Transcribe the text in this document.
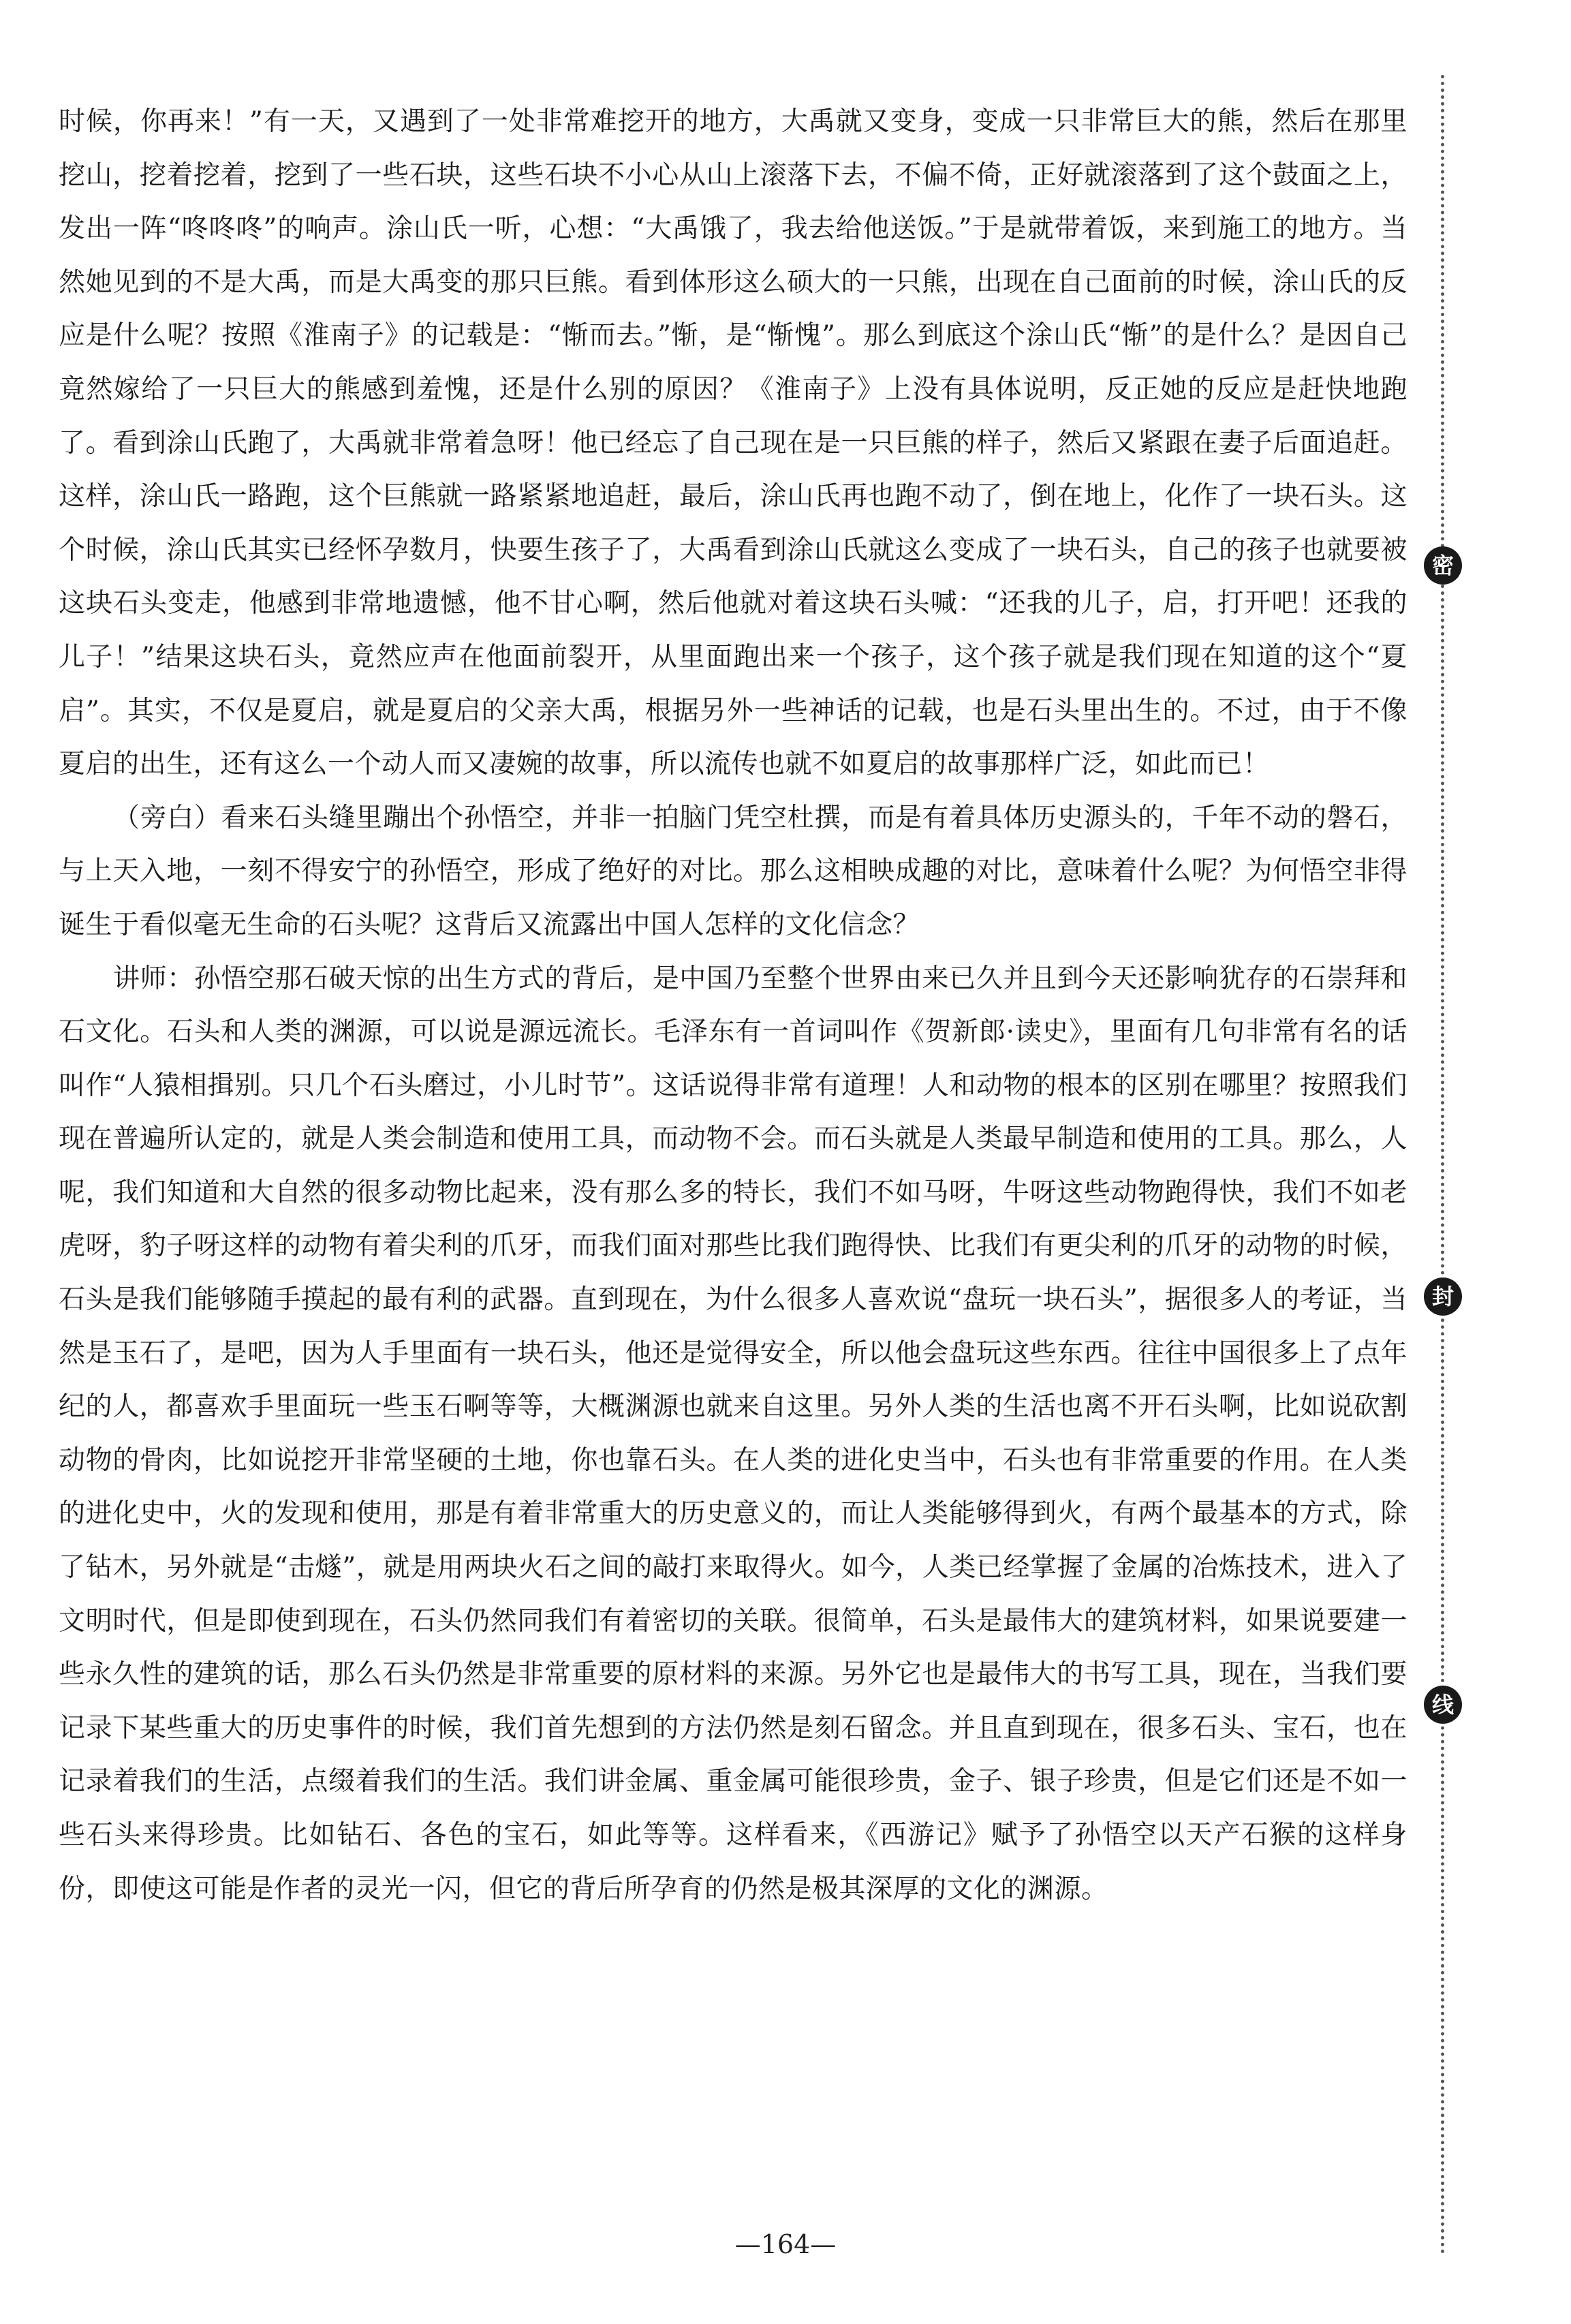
时候，你再来！”有一天，又遇到了一处非常难挖开的地方，大禹就又变身，变成一只非常巨大的熊，然后在那里挖山，挖着挖着，挖到了一些石块，这些石块不小心从山上滚落下去，不偏不倚，正好就滚落到了这个鼓面之上，发出一阵“咚咚咚”的响声。涂山氏一听，心想：“大禹饿了，我去给他送饭。”于是就带着饭，来到施工的地方。当然她见到的不是大禹，而是大禹变的那只巨熊。看到体形这么硕大的一只熊，出现在自己面前的时候，涂山氏的反应是什么呢？按照《淮南子》的记载是：“惭而去。”惭，是“惭愧”。那么到底这个涂山氏“惭”的是什么？是因自己竟然嫁给了一只巨大的熊感到羞愧，还是什么别的原因？《淮南子》上没有具体说明，反正她的反应是赶快地跑了。看到涂山氏跑了，大禹就非常着急呀！他已经忘了自己现在是一只巨熊的样子，然后又紧跟在妻子后面追赶。这样，涂山氏一路跑，这个巨熊就一路紧紧地追赶，最后，涂山氏再也跑不动了，倒在地上，化作了一块石头。这个时候，涂山氏其实已经怀孕数月，快要生孩子了，大禹看到涂山氏就这么变成了一块石头，自己的孩子也就要被这块石头变走，他感到非常地遗憾，他不甘心啊，然后他就对着这块石头喊：“还我的儿子，启，打开吧！还我的儿子！”结果这块石头，竟然应声在他面前裂开，从里面跑出来一个孩子，这个孩子就是我们现在知道的这个“夏启”。其实，不仅是夏启，就是夏启的父亲大禹，根据另外一些神话的记载，也是石头里出生的。不过，由于不像夏启的出生，还有这么一个动人而又凄婉的故事，所以流传也就不如夏启的故事那样广泛，如此而已！

（旁白）看来石头缝里蹦出个孙悟空，并非一拍脑门凭空杜撰，而是有着具体历史源头的，千年不动的磐石，与上天入地，一刻不得安宁的孙悟空，形成了绝好的对比。那么这相映成趣的对比，意味着什么呢？为何悟空非得诞生于看似毫无生命的石头呢？这背后又流露出中国人怎样的文化信念？

讲师：孙悟空那石破天惊的出生方式的背后，是中国乃至整个世界由来已久并且到今天还影响犹存的石崇拜和石文化。石头和人类的渊源，可以说是源远流长。毛泽东有一首词叫作《贺新郎·读史》，里面有几句非常有名的话叫作“人猿相揖别。只几个石头磨过，小儿时节”。这话说得非常有道理！人和动物的根本的区别在哪里？按照我们现在普遍所认定的，就是人类会制造和使用工具，而动物不会。而石头就是人类最早制造和使用的工具。那么，人呢，我们知道和大自然的很多动物比起来，没有那么多的特长，我们不如马呀，牛呀这些动物跑得快，我们不如老虎呀，豹子呀这样的动物有着尖利的爪牙，而我们面对那些比我们跑得快、比我们有更尖利的爪牙的动物的时候，石头是我们能够随手摸起的最有利的武器。直到现在，为什么很多人喜欢说“盘玩一块石头”，据很多人的考证，当然是玉石了，是吧，因为人手里面有一块石头，他还是觉得安全，所以他会盘玩这些东西。往往中国很多上了点年纪的人，都喜欢手里面玩一些玉石啊等等，大概渊源也就来自这里。另外人类的生活也离不开石头啊，比如说砍割动物的骨肉，比如说挖开非常坚硬的土地，你也靠石头。在人类的进化史当中，石头也有非常重要的作用。在人类的进化史中，火的发现和使用，那是有着非常重大的历史意义的，而让人类能够得到火，有两个最基本的方式，除了钻木，另外就是“击燧”，就是用两块火石之间的敲打来取得火。如今，人类已经掌握了金属的冶炼技术，进入了文明时代，但是即使到现在，石头仍然同我们有着密切的关联。很简单，石头是最伟大的建筑材料，如果说要建一些永久性的建筑的话，那么石头仍然是非常重要的原材料的来源。另外它也是最伟大的书写工具，现在，当我们要记录下某些重大的历史事件的时候，我们首先想到的方法仍然是刻石留念。并且直到现在，很多石头、宝石，也在记录着我们的生活，点缀着我们的生活。我们讲金属、重金属可能很珍贵，金子、银子珍贵，但是它们还是不如一些石头来得珍贵。比如钻石、各色的宝石，如此等等。这样看来，《西游记》赋予了孙悟空以天产石猴的这样身份，即使这可能是作者的灵光一闪，但它的背后所孕育的仍然是极其深厚的文化的渊源。

密
封
线
—164—
